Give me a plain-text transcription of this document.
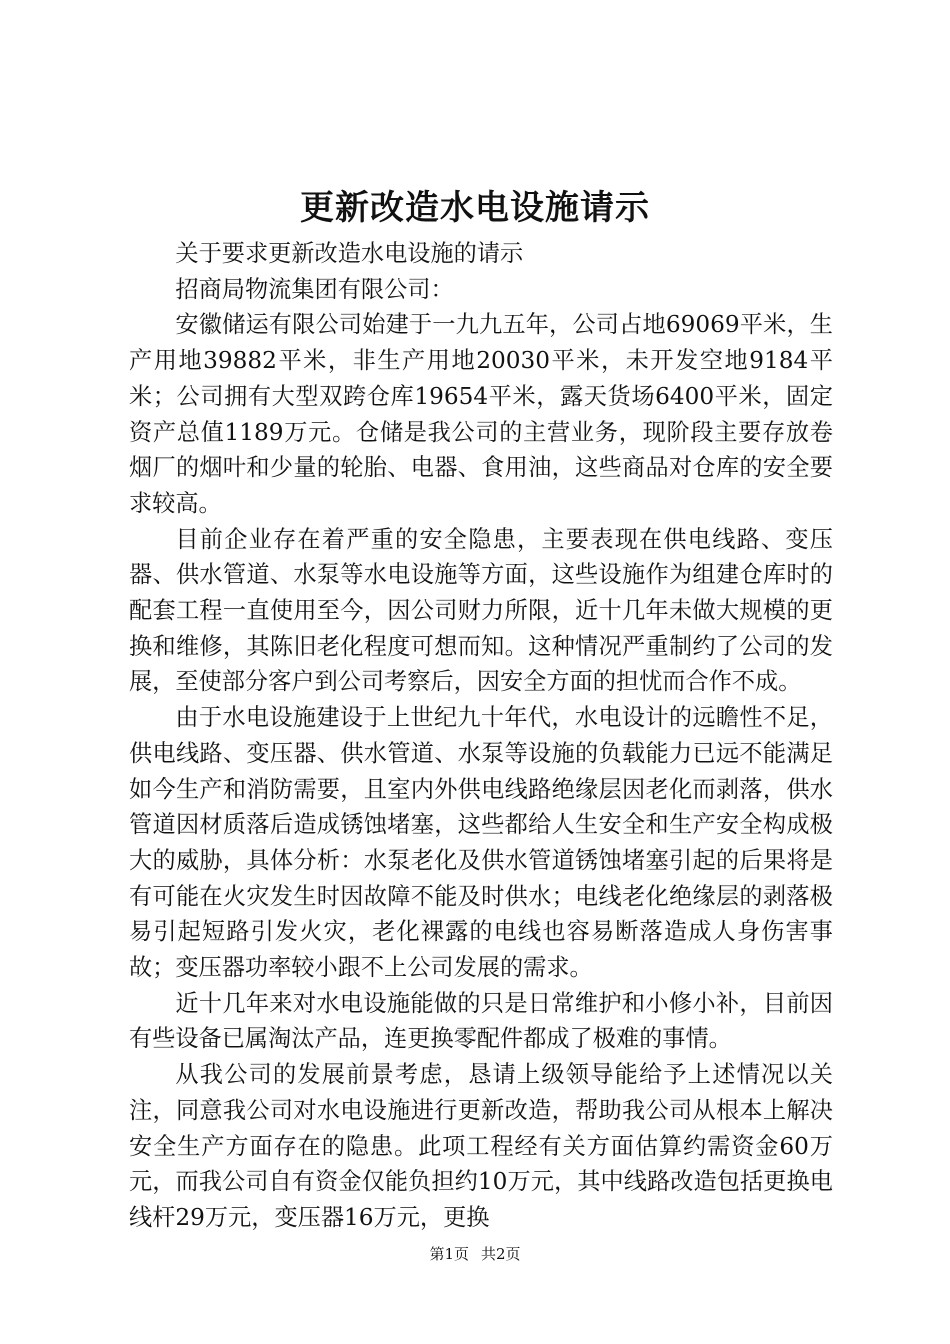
更新改造水电设施请示

关于要求更新改造水电设施的请示

招商局物流集团有限公司：

安徽储运有限公司始建于一九九五年，公司占地69069平米，生产用地39882平米，非生产用地20030平米，未开发空地9184平米；公司拥有大型双跨仓库19654平米，露天货场6400平米，固定资产总值1189万元。仓储是我公司的主营业务，现阶段主要存放卷烟厂的烟叶和少量的轮胎、电器、食用油，这些商品对仓库的安全要求较高。

目前企业存在着严重的安全隐患，主要表现在供电线路、变压器、供水管道、水泵等水电设施等方面，这些设施作为组建仓库时的配套工程一直使用至今，因公司财力所限，近十几年未做大规模的更换和维修，其陈旧老化程度可想而知。这种情况严重制约了公司的发展，至使部分客户到公司考察后，因安全方面的担忧而合作不成。

由于水电设施建设于上世纪九十年代，水电设计的远瞻性不足，供电线路、变压器、供水管道、水泵等设施的负载能力已远不能满足如今生产和消防需要，且室内外供电线路绝缘层因老化而剥落，供水管道因材质落后造成锈蚀堵塞，这些都给人生安全和生产安全构成极大的威胁，具体分析：水泵老化及供水管道锈蚀堵塞引起的后果将是有可能在火灾发生时因故障不能及时供水；电线老化绝缘层的剥落极易引起短路引发火灾，老化裸露的电线也容易断落造成人身伤害事故；变压器功率较小跟不上公司发展的需求。

近十几年来对水电设施能做的只是日常维护和小修小补，目前因有些设备已属淘汰产品，连更换零配件都成了极难的事情。

从我公司的发展前景考虑，恳请上级领导能给予上述情况以关注，同意我公司对水电设施进行更新改造，帮助我公司从根本上解决安全生产方面存在的隐患。此项工程经有关方面估算约需资金60万元，而我公司自有资金仅能负担约10万元，其中线路改造包括更换电线杆29万元，变压器16万元，更换

第1页 共2页
